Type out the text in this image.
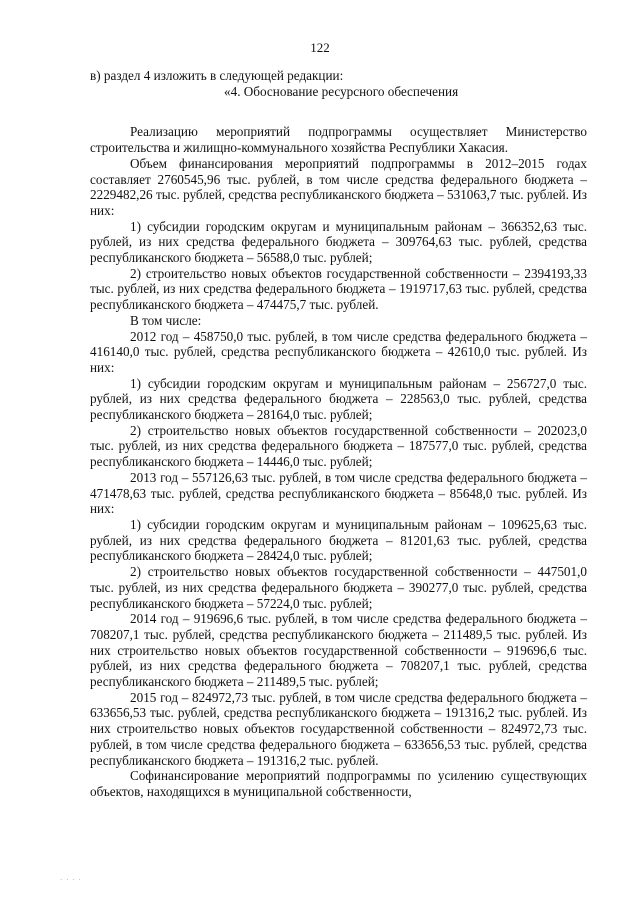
122

в) раздел 4 изложить в следующей редакции:

«4. Обоснование ресурсного обеспечения

Реализацию мероприятий подпрограммы осуществляет Министерство строительства и жилищно-коммунального хозяйства Республики Хакасия.

Объем финансирования мероприятий подпрограммы в 2012–2015 годах составляет 2760545,96 тыс. рублей, в том числе средства федерального бюджета – 2229482,26 тыс. рублей, средства республиканского бюджета – 531063,7 тыс. рублей. Из них:

1) субсидии городским округам и муниципальным районам – 366352,63 тыс. рублей, из них средства федерального бюджета – 309764,63 тыс. рублей, средства республиканского бюджета – 56588,0 тыс. рублей;

2) строительство новых объектов государственной собственности – 2394193,33 тыс. рублей, из них средства федерального бюджета – 1919717,63 тыс. рублей, средства республиканского бюджета – 474475,7 тыс. рублей.

В том числе:

2012 год – 458750,0 тыс. рублей, в том числе средства федерального бюджета – 416140,0 тыс. рублей, средства республиканского бюджета – 42610,0 тыс. рублей. Из них:

1) субсидии городским округам и муниципальным районам – 256727,0 тыс. рублей, из них средства федерального бюджета – 228563,0 тыс. рублей, средства республиканского бюджета – 28164,0 тыс. рублей;

2) строительство новых объектов государственной собственности – 202023,0 тыс. рублей, из них средства федерального бюджета – 187577,0 тыс. рублей, средства республиканского бюджета – 14446,0 тыс. рублей;

2013 год – 557126,63 тыс. рублей, в том числе средства федерального бюджета – 471478,63 тыс. рублей, средства республиканского бюджета – 85648,0 тыс. рублей. Из них:

1) субсидии городским округам и муниципальным районам – 109625,63 тыс. рублей, из них средства федерального бюджета – 81201,63 тыс. рублей, средства республиканского бюджета – 28424,0 тыс. рублей;

2) строительство новых объектов государственной собственности – 447501,0 тыс. рублей, из них средства федерального бюджета – 390277,0 тыс. рублей, средства республиканского бюджета – 57224,0 тыс. рублей;

2014 год – 919696,6 тыс. рублей, в том числе средства федерального бюджета – 708207,1 тыс. рублей, средства республиканского бюджета – 211489,5 тыс. рублей. Из них строительство новых объектов государственной собственности – 919696,6 тыс. рублей, из них средства федерального бюджета – 708207,1 тыс. рублей, средства республиканского бюджета – 211489,5 тыс. рублей;

2015 год – 824972,73 тыс. рублей, в том числе средства федерального бюджета – 633656,53 тыс. рублей, средства республиканского бюджета – 191316,2 тыс. рублей. Из них строительство новых объектов государственной собственности – 824972,73 тыс. рублей, в том числе средства федерального бюджета – 633656,53 тыс. рублей, средства республиканского бюджета – 191316,2 тыс. рублей.

Софинансирование мероприятий подпрограммы по усилению существующих объектов, находящихся в муниципальной собственности,

· · · ·
